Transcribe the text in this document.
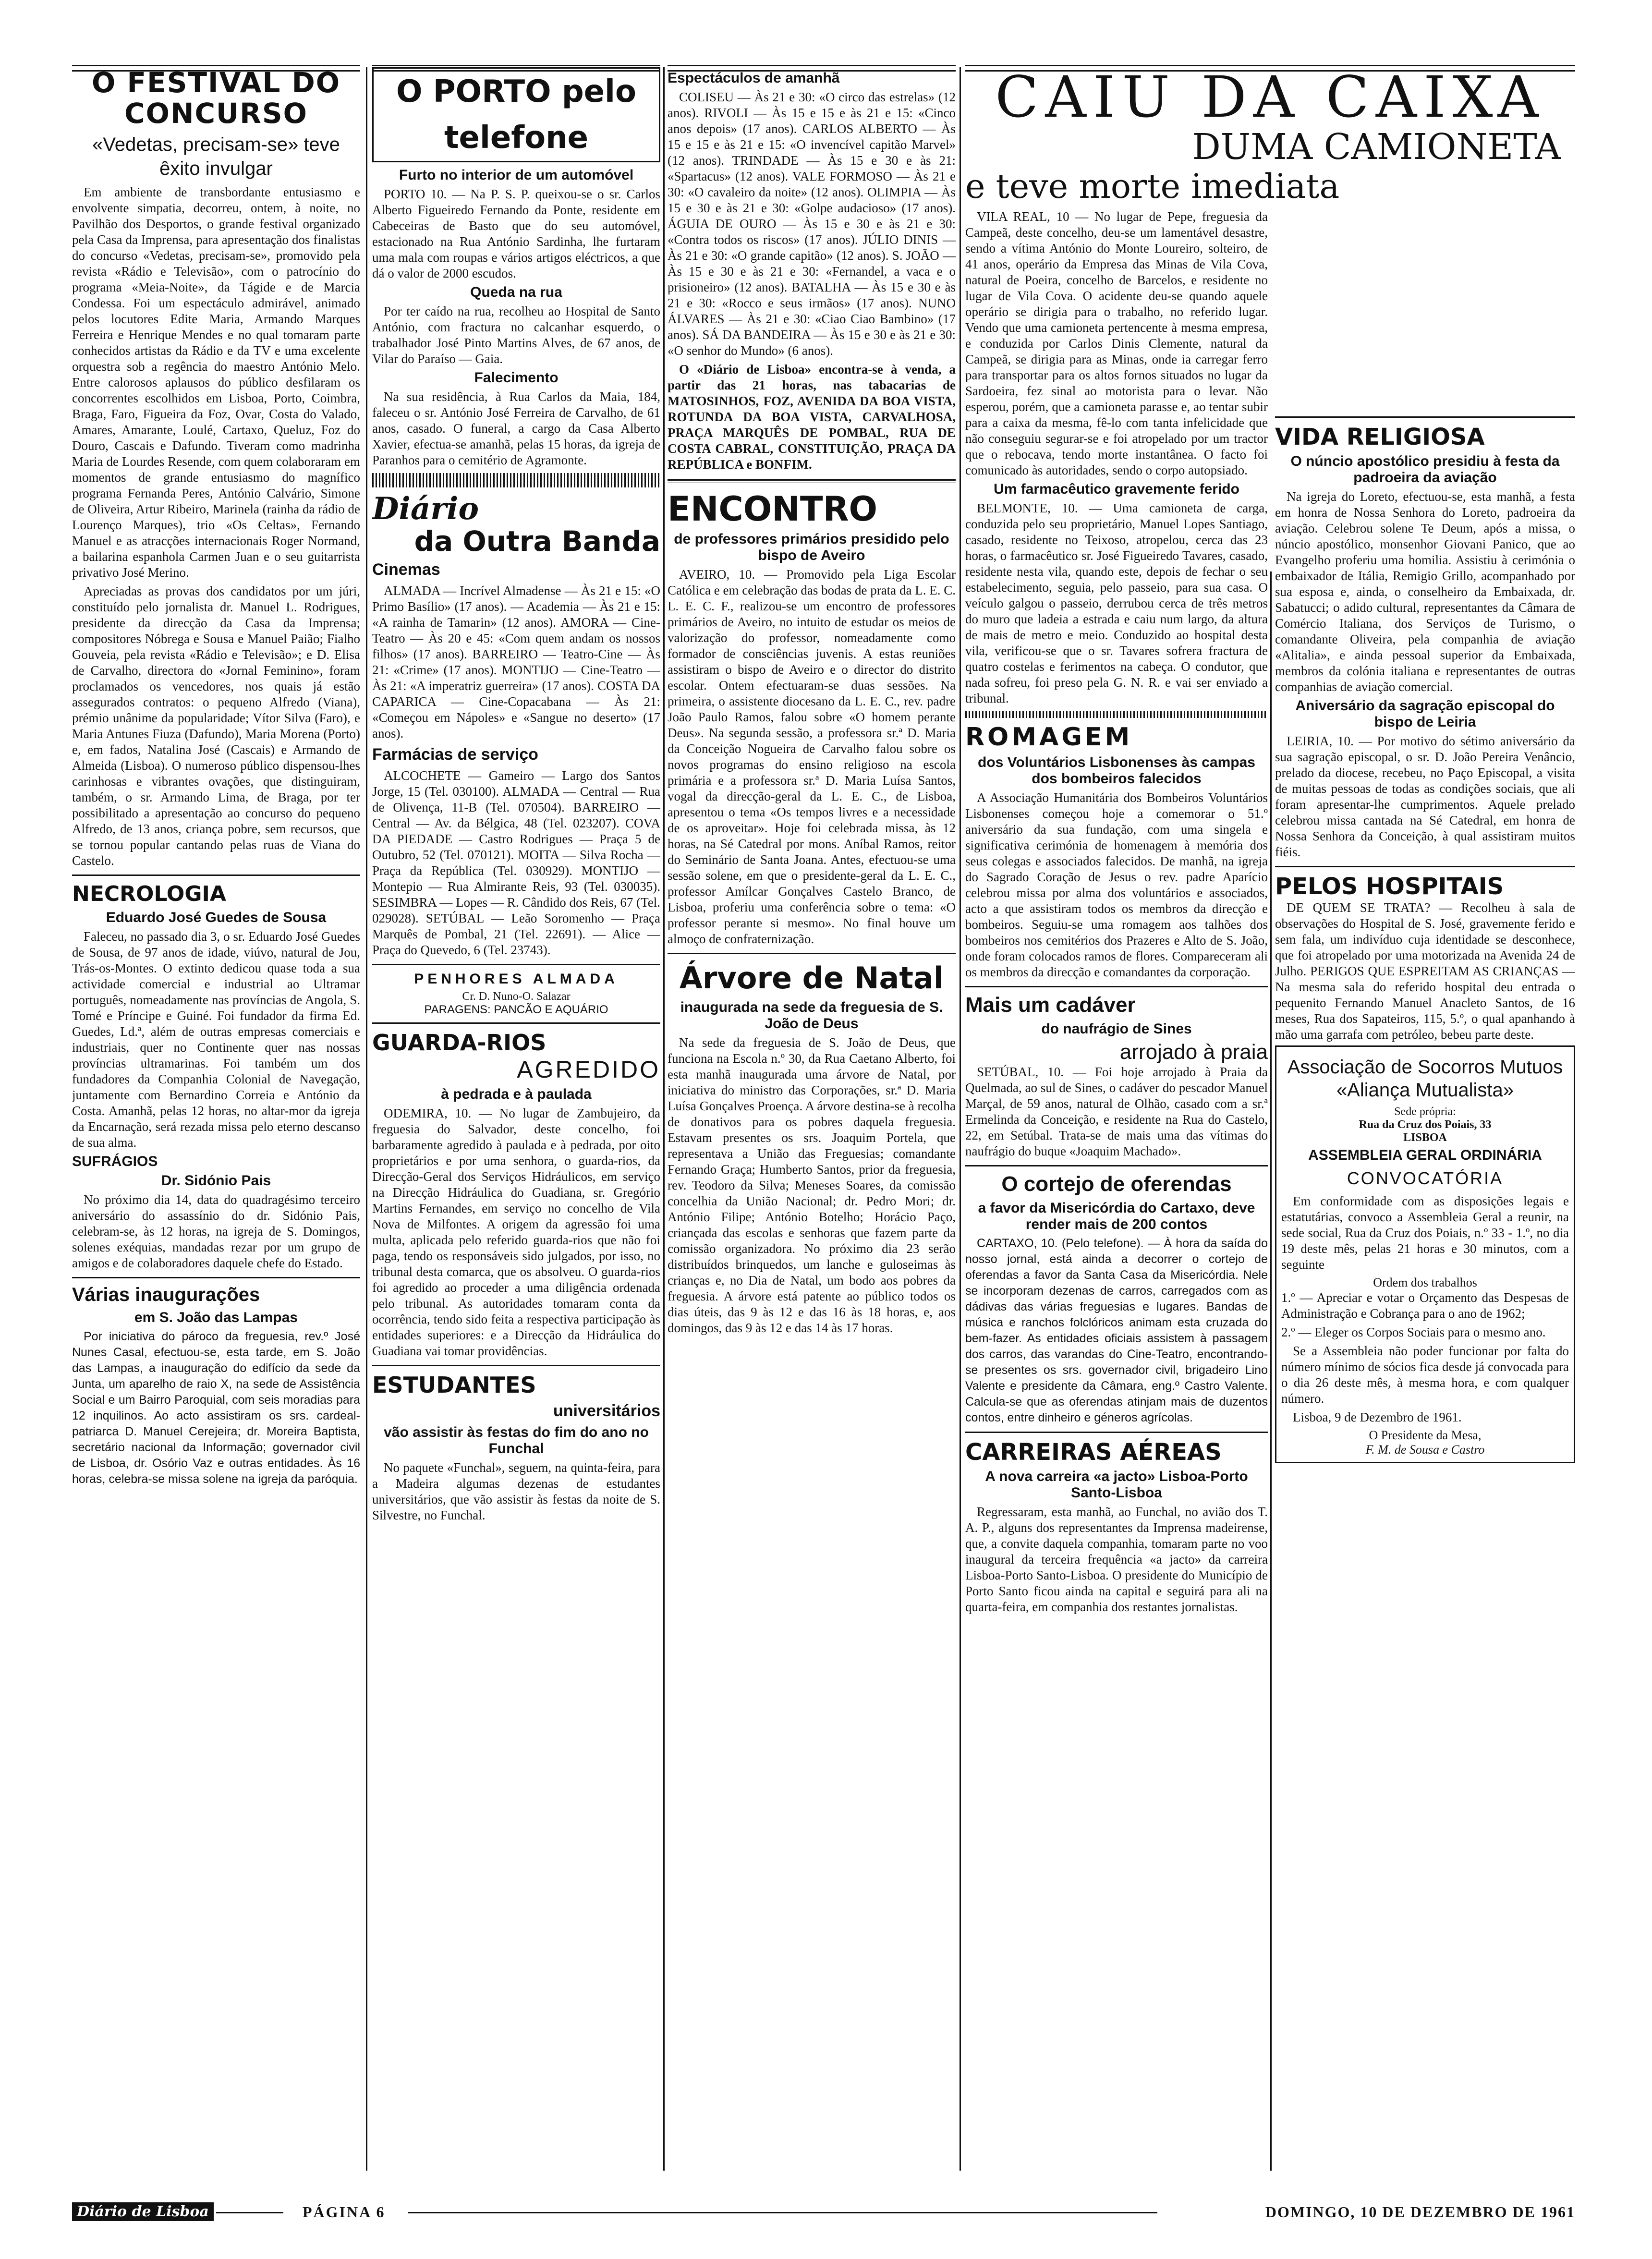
O FESTIVAL DO CONCURSO
«Vedetas, precisam-se» teve êxito invulgar

Em ambiente de transbordante entusiasmo e envolvente simpatia, decorreu, ontem, à noite, no Pavilhão dos Desportos, o grande festival organizado pela Casa da Imprensa, para apresentação dos finalistas do concurso «Vedetas, precisam-se», promovido pela revista «Rádio e Televisão», com o patrocínio do programa «Meia-Noite», da Tágide e de Marcia Condessa. Foi um espectáculo admirável, animado pelos locutores Edite Maria, Armando Marques Ferreira e Henrique Mendes e no qual tomaram parte conhecidos artistas da Rádio e da TV e uma excelente orquestra sob a regência do maestro António Melo. Entre calorosos aplausos do público desfilaram os concorrentes escolhidos em Lisboa, Porto, Coimbra, Braga, Faro, Figueira da Foz, Ovar, Costa do Valado, Amares, Amarante, Loulé, Cartaxo, Queluz, Foz do Douro, Cascais e Dafundo. Tiveram como madrinha Maria de Lourdes Resende, com quem colaboraram em momentos de grande entusiasmo do magnífico programa Fernanda Peres, António Calvário, Simone de Oliveira, Artur Ribeiro, Marinela (rainha da rádio de Lourenço Marques), trio «Os Celtas», Fernando Manuel e as atracções internacionais Roger Normand, a bailarina espanhola Carmen Juan e o seu guitarrista privativo José Merino.

Apreciadas as provas dos candidatos por um júri, constituído pelo jornalista dr. Manuel L. Rodrigues, presidente da direcção da Casa da Imprensa; compositores Nóbrega e Sousa e Manuel Paião; Fialho Gouveia, pela revista «Rádio e Televisão»; e D. Elisa de Carvalho, directora do «Jornal Feminino», foram proclamados os vencedores, nos quais já estão assegurados contratos: o pequeno Alfredo (Viana), prémio unânime da popularidade; Vítor Silva (Faro), e Maria Antunes Fiuza (Dafundo), Maria Morena (Porto) e, em fados, Natalina José (Cascais) e Armando de Almeida (Lisboa). O numeroso público dispensou-lhes carinhosas e vibrantes ovações, que distinguiram, também, o sr. Armando Lima, de Braga, por ter possibilitado a apresentação ao concurso do pequeno Alfredo, de 13 anos, criança pobre, sem recursos, que se tornou popular cantando pelas ruas de Viana do Castelo.

NECROLOGIA
Eduardo José Guedes de Sousa

Faleceu, no passado dia 3, o sr. Eduardo José Guedes de Sousa, de 97 anos de idade, viúvo, natural de Jou, Trás-os-Montes. O extinto dedicou quase toda a sua actividade comercial e industrial ao Ultramar português, nomeadamente nas províncias de Angola, S. Tomé e Príncipe e Guiné. Foi fundador da firma Ed. Guedes, Ld.ª, além de outras empresas comerciais e industriais, quer no Continente quer nas nossas províncias ultramarinas. Foi também um dos fundadores da Companhia Colonial de Navegação, juntamente com Bernardino Correia e António da Costa. Amanhã, pelas 12 horas, no altar-mor da igreja da Encarnação, será rezada missa pelo eterno descanso de sua alma.

SUFRÁGIOS
Dr. Sidónio Pais

No próximo dia 14, data do quadragésimo terceiro aniversário do assassínio do dr. Sidónio Pais, celebram-se, às 12 horas, na igreja de S. Domingos, solenes exéquias, mandadas rezar por um grupo de amigos e de colaboradores daquele chefe do Estado.

Várias inaugurações
em S. João das Lampas

Por iniciativa do pároco da freguesia, rev.º José Nunes Casal, efectuou-se, esta tarde, em S. João das Lampas, a inauguração do edifício da sede da Junta, um aparelho de raio X, na sede de Assistência Social e um Bairro Paroquial, com seis moradias para 12 inquilinos. Ao acto assistiram os srs. cardeal-patriarca D. Manuel Cerejeira; dr. Moreira Baptista, secretário nacional da Informação; governador civil de Lisboa, dr. Osório Vaz e outras entidades. Às 16 horas, celebra-se missa solene na igreja da paróquia.

O PORTO pelo telefone
Furto no interior de um automóvel

PORTO 10. — Na P. S. P. queixou-se o sr. Carlos Alberto Figueiredo Fernando da Ponte, residente em Cabeceiras de Basto que do seu automóvel, estacionado na Rua António Sardinha, lhe furtaram uma mala com roupas e vários artigos eléctricos, a que dá o valor de 2000 escudos.

Queda na rua

Por ter caído na rua, recolheu ao Hospital de Santo António, com fractura no calcanhar esquerdo, o trabalhador José Pinto Martins Alves, de 67 anos, de Vilar do Paraíso — Gaia.

Falecimento

Na sua residência, à Rua Carlos da Maia, 184, faleceu o sr. António José Ferreira de Carvalho, de 61 anos, casado. O funeral, a cargo da Casa Alberto Xavier, efectua-se amanhã, pelas 15 horas, da igreja de Paranhos para o cemitério de Agramonte.

Diário
da Outra Banda
Cinemas

ALMADA — Incrível Almadense — Às 21 e 15: «O Primo Basílio» (17 anos). — Academia — Às 21 e 15: «A rainha de Tamarin» (12 anos). AMORA — Cine-Teatro — Às 20 e 45: «Com quem andam os nossos filhos» (17 anos). BARREIRO — Teatro-Cine — Às 21: «Crime» (17 anos). MONTIJO — Cine-Teatro — Às 21: «A imperatriz guerreira» (17 anos). COSTA DA CAPARICA — Cine-Copacabana — Às 21: «Começou em Nápoles» e «Sangue no deserto» (17 anos).

Farmácias de serviço

ALCOCHETE — Gameiro — Largo dos Santos Jorge, 15 (Tel. 030100). ALMADA — Central — Rua de Olivença, 11-B (Tel. 070504). BARREIRO — Central — Av. da Bélgica, 48 (Tel. 023207). COVA DA PIEDADE — Castro Rodrigues — Praça 5 de Outubro, 52 (Tel. 070121). MOITA — Silva Rocha — Praça da República (Tel. 030929). MONTIJO — Montepio — Rua Almirante Reis, 93 (Tel. 030035). SESIMBRA — Lopes — R. Cândido dos Reis, 67 (Tel. 029028). SETÚBAL — Leão Soromenho — Praça Marquês de Pombal, 21 (Tel. 22691). — Alice — Praça do Quevedo, 6 (Tel. 23743).

PENHORES ALMADA
Cr. D. Nuno-O. Salazar
PARAGENS: PANCÃO E AQUÁRIO
GUARDA-RIOS
AGREDIDO
à pedrada e à paulada

ODEMIRA, 10. — No lugar de Zambujeiro, da freguesia do Salvador, deste concelho, foi barbaramente agredido à paulada e à pedrada, por oito proprietários e por uma senhora, o guarda-rios, da Direcção-Geral dos Serviços Hidráulicos, em serviço na Direcção Hidráulica do Guadiana, sr. Gregório Martins Fernandes, em serviço no concelho de Vila Nova de Milfontes. A origem da agressão foi uma multa, aplicada pelo referido guarda-rios que não foi paga, tendo os responsáveis sido julgados, por isso, no tribunal desta comarca, que os absolveu. O guarda-rios foi agredido ao proceder a uma diligência ordenada pelo tribunal. As autoridades tomaram conta da ocorrência, tendo sido feita a respectiva participação às entidades superiores: e a Direcção da Hidráulica do Guadiana vai tomar providências.

ESTUDANTES
universitários
vão assistir às festas do fim do ano no Funchal

No paquete «Funchal», seguem, na quinta-feira, para a Madeira algumas dezenas de estudantes universitários, que vão assistir às festas da noite de S. Silvestre, no Funchal.

Espectáculos de amanhã

COLISEU — Às 21 e 30: «O circo das estrelas» (12 anos). RIVOLI — Às 15 e 15 e às 21 e 15: «Cinco anos depois» (17 anos). CARLOS ALBERTO — Às 15 e 15 e às 21 e 15: «O invencível capitão Marvel» (12 anos). TRINDADE — Às 15 e 30 e às 21: «Spartacus» (12 anos). VALE FORMOSO — Às 21 e 30: «O cavaleiro da noite» (12 anos). OLIMPIA — Às 15 e 30 e às 21 e 30: «Golpe audacioso» (17 anos). ÁGUIA DE OURO — Às 15 e 30 e às 21 e 30: «Contra todos os riscos» (17 anos). JÚLIO DINIS — Às 21 e 30: «O grande capitão» (12 anos). S. JOÃO — Às 15 e 30 e às 21 e 30: «Fernandel, a vaca e o prisioneiro» (12 anos). BATALHA — Às 15 e 30 e às 21 e 30: «Rocco e seus irmãos» (17 anos). NUNO ÁLVARES — Às 21 e 30: «Ciao Ciao Bambino» (17 anos). SÁ DA BANDEIRA — Às 15 e 30 e às 21 e 30: «O senhor do Mundo» (6 anos).

O «Diário de Lisboa» encontra-se à venda, a partir das 21 horas, nas tabacarias de MATOSINHOS, FOZ, AVENIDA DA BOA VISTA, ROTUNDA DA BOA VISTA, CARVALHOSA, PRAÇA MARQUÊS DE POMBAL, RUA DE COSTA CABRAL, CONSTITUIÇÃO, PRAÇA DA REPÚBLICA e BONFIM.

ENCONTRO
de professores primários presidido pelo bispo de Aveiro

AVEIRO, 10. — Promovido pela Liga Escolar Católica e em celebração das bodas de prata da L. E. C. L. E. C. F., realizou-se um encontro de professores primários de Aveiro, no intuito de estudar os meios de valorização do professor, nomeadamente como formador de consciências juvenis. A estas reuniões assistiram o bispo de Aveiro e o director do distrito escolar. Ontem efectuaram-se duas sessões. Na primeira, o assistente diocesano da L. E. C., rev. padre João Paulo Ramos, falou sobre «O homem perante Deus». Na segunda sessão, a professora sr.ª D. Maria da Conceição Nogueira de Carvalho falou sobre os novos programas do ensino religioso na escola primária e a professora sr.ª D. Maria Luísa Santos, vogal da direcção-geral da L. E. C., de Lisboa, apresentou o tema «Os tempos livres e a necessidade de os aproveitar». Hoje foi celebrada missa, às 12 horas, na Sé Catedral por mons. Aníbal Ramos, reitor do Seminário de Santa Joana. Antes, efectuou-se uma sessão solene, em que o presidente-geral da L. E. C., professor Amílcar Gonçalves Castelo Branco, de Lisboa, proferiu uma conferência sobre o tema: «O professor perante si mesmo». No final houve um almoço de confraternização.

Árvore de Natal
inaugurada na sede da freguesia de S. João de Deus

Na sede da freguesia de S. João de Deus, que funciona na Escola n.º 30, da Rua Caetano Alberto, foi esta manhã inaugurada uma árvore de Natal, por iniciativa do ministro das Corporações, sr.ª D. Maria Luísa Gonçalves Proença. A árvore destina-se à recolha de donativos para os pobres daquela freguesia. Estavam presentes os srs. Joaquim Portela, que representava a União das Freguesias; comandante Fernando Graça; Humberto Santos, prior da freguesia, rev. Teodoro da Silva; Meneses Soares, da comissão concelhia da União Nacional; dr. Pedro Mori; dr. António Filipe; António Botelho; Horácio Paço, criançada das escolas e senhoras que fazem parte da comissão organizadora. No próximo dia 23 serão distribuídos brinquedos, um lanche e guloseimas às crianças e, no Dia de Natal, um bodo aos pobres da freguesia. A árvore está patente ao público todos os dias úteis, das 9 às 12 e das 16 às 18 horas, e, aos domingos, das 9 às 12 e das 14 às 17 horas.

CAIU DA CAIXA
DUMA CAMIONETA
e teve morte imediata

VILA REAL, 10 — No lugar de Pepe, freguesia da Campeã, deste concelho, deu-se um lamentável desastre, sendo a vítima António do Monte Loureiro, solteiro, de 41 anos, operário da Empresa das Minas de Vila Cova, natural de Poeira, concelho de Barcelos, e residente no lugar de Vila Cova. O acidente deu-se quando aquele operário se dirigia para o trabalho, no referido lugar. Vendo que uma camioneta pertencente à mesma empresa, e conduzida por Carlos Dinis Clemente, natural da Campeã, se dirigia para as Minas, onde ia carregar ferro para transportar para os altos fornos situados no lugar da Sardoeira, fez sinal ao motorista para o levar. Não esperou, porém, que a camioneta parasse e, ao tentar subir para a caixa da mesma, fê-lo com tanta infelicidade que não conseguiu segurar-se e foi atropelado por um tractor que o rebocava, tendo morte instantânea. O facto foi comunicado às autoridades, sendo o corpo autopsiado.

Um farmacêutico gravemente ferido

BELMONTE, 10. — Uma camioneta de carga, conduzida pelo seu proprietário, Manuel Lopes Santiago, casado, residente no Teixoso, atropelou, cerca das 23 horas, o farmacêutico sr. José Figueiredo Tavares, casado, residente nesta vila, quando este, depois de fechar o seu estabelecimento, seguia, pelo passeio, para sua casa. O veículo galgou o passeio, derrubou cerca de três metros do muro que ladeia a estrada e caiu num largo, da altura de mais de metro e meio. Conduzido ao hospital desta vila, verificou-se que o sr. Tavares sofrera fractura de quatro costelas e ferimentos na cabeça. O condutor, que nada sofreu, foi preso pela G. N. R. e vai ser enviado a tribunal.

ROMAGEM
dos Voluntários Lisbonenses às campas dos bombeiros falecidos

A Associação Humanitária dos Bombeiros Voluntários Lisbonenses começou hoje a comemorar o 51.º aniversário da sua fundação, com uma singela e significativa cerimónia de homenagem à memória dos seus colegas e associados falecidos. De manhã, na igreja do Sagrado Coração de Jesus o rev. padre Aparício celebrou missa por alma dos voluntários e associados, acto a que assistiram todos os membros da direcção e bombeiros. Seguiu-se uma romagem aos talhões dos bombeiros nos cemitérios dos Prazeres e Alto de S. João, onde foram colocados ramos de flores. Compareceram ali os membros da direcção e comandantes da corporação.

Mais um cadáver
do naufrágio de Sines
arrojado à praia

SETÚBAL, 10. — Foi hoje arrojado à Praia da Quelmada, ao sul de Sines, o cadáver do pescador Manuel Marçal, de 59 anos, natural de Olhão, casado com a sr.ª Ermelinda da Conceição, e residente na Rua do Castelo, 22, em Setúbal. Trata-se de mais uma das vítimas do naufrágio do buque «Joaquim Machado».

O cortejo de oferendas
a favor da Misericórdia do Cartaxo, deve render mais de 200 contos

CARTAXO, 10. (Pelo telefone). — À hora da saída do nosso jornal, está ainda a decorrer o cortejo de oferendas a favor da Santa Casa da Misericórdia. Nele se incorporam dezenas de carros, carregados com as dádivas das várias freguesias e lugares. Bandas de música e ranchos folclóricos animam esta cruzada do bem-fazer. As entidades oficiais assistem à passagem dos carros, das varandas do Cine-Teatro, encontrando-se presentes os srs. governador civil, brigadeiro Lino Valente e presidente da Câmara, eng.º Castro Valente. Calcula-se que as oferendas atinjam mais de duzentos contos, entre dinheiro e géneros agrícolas.

CARREIRAS AÉREAS
A nova carreira «a jacto» Lisboa-Porto Santo-Lisboa

Regressaram, esta manhã, ao Funchal, no avião dos T. A. P., alguns dos representantes da Imprensa madeirense, que, a convite daquela companhia, tomaram parte no voo inaugural da terceira frequência «a jacto» da carreira Lisboa-Porto Santo-Lisboa. O presidente do Município de Porto Santo ficou ainda na capital e seguirá para ali na quarta-feira, em companhia dos restantes jornalistas.

VIDA RELIGIOSA
O núncio apostólico presidiu à festa da padroeira da aviação

Na igreja do Loreto, efectuou-se, esta manhã, a festa em honra de Nossa Senhora do Loreto, padroeira da aviação. Celebrou solene Te Deum, após a missa, o núncio apostólico, monsenhor Giovani Panico, que ao Evangelho proferiu uma homilia. Assistiu à cerimónia o embaixador de Itália, Remigio Grillo, acompanhado por sua esposa e, ainda, o conselheiro da Embaixada, dr. Sabatucci; o adido cultural, representantes da Câmara de Comércio Italiana, dos Serviços de Turismo, o comandante Oliveira, pela companhia de aviação «Alitalia», e ainda pessoal superior da Embaixada, membros da colónia italiana e representantes de outras companhias de aviação comercial.

Aniversário da sagração episcopal do bispo de Leiria

LEIRIA, 10. — Por motivo do sétimo aniversário da sua sagração episcopal, o sr. D. João Pereira Venâncio, prelado da diocese, recebeu, no Paço Episcopal, a visita de muitas pessoas de todas as condições sociais, que ali foram apresentar-lhe cumprimentos. Aquele prelado celebrou missa cantada na Sé Catedral, em honra de Nossa Senhora da Conceição, à qual assistiram muitos fiéis.

PELOS HOSPITAIS

DE QUEM SE TRATA? — Recolheu à sala de observações do Hospital de S. José, gravemente ferido e sem fala, um indivíduo cuja identidade se desconhece, que foi atropelado por uma motorizada na Avenida 24 de Julho. PERIGOS QUE ESPREITAM AS CRIANÇAS — Na mesma sala do referido hospital deu entrada o pequenito Fernando Manuel Anacleto Santos, de 16 meses, Rua dos Sapateiros, 115, 5.º, o qual apanhando à mão uma garrafa com petróleo, bebeu parte deste.

Associação de Socorros Mutuos «Aliança Mutualista»
Sede própria:
Rua da Cruz dos Poiais, 33
LISBOA
ASSEMBLEIA GERAL ORDINÁRIA
CONVOCATÓRIA

Em conformidade com as disposições legais e estatutárias, convoco a Assembleia Geral a reunir, na sede social, Rua da Cruz dos Poiais, n.º 33 - 1.º, no dia 19 deste mês, pelas 21 horas e 30 minutos, com a seguinte

Ordem dos trabalhos

1.º — Apreciar e votar o Orçamento das Despesas de Administração e Cobrança para o ano de 1962;

2.º — Eleger os Corpos Sociais para o mesmo ano.

Se a Assembleia não poder funcionar por falta do número mínimo de sócios fica desde já convocada para o dia 26 deste mês, à mesma hora, e com qualquer número.

Lisboa, 9 de Dezembro de 1961.

O Presidente da Mesa,
F. M. de Sousa e Castro
Diário de Lisboa	PÁGINA 6	DOMINGO, 10 DE DEZEMBRO DE 1961
